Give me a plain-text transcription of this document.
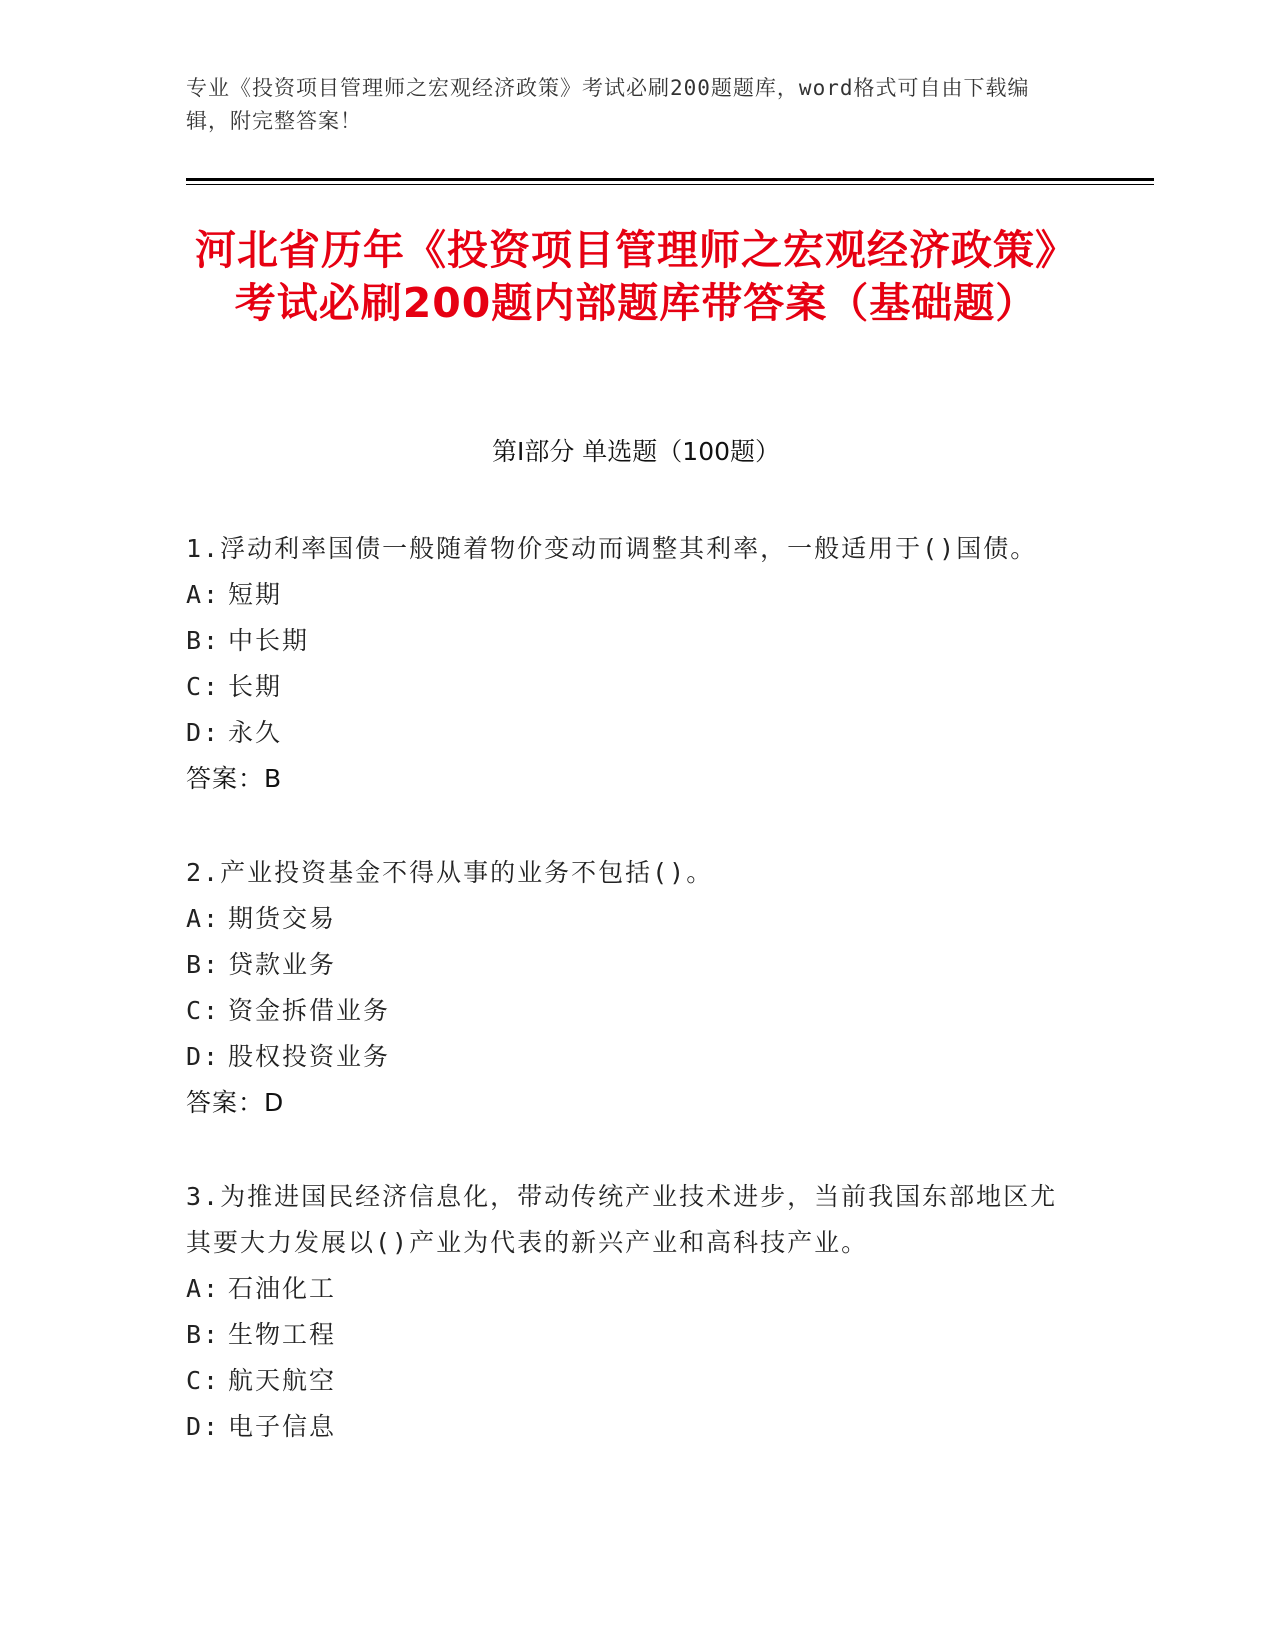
专业《投资项目管理师之宏观经济政策》考试必刷200题题库，word格式可自由下载编辑，附完整答案！
河北省历年《投资项目管理师之宏观经济政策》考试必刷200题内部题库带答案（基础题）
第I部分 单选题（100题）

1.浮动利率国债一般随着物价变动而调整其利率，一般适用于()国债。

A: 短期
B: 中长期
C: 长期
D: 永久
答案：B

2.产业投资基金不得从事的业务不包括()。

A: 期货交易
B: 贷款业务
C: 资金拆借业务
D: 股权投资业务
答案：D

3.为推进国民经济信息化，带动传统产业技术进步，当前我国东部地区尤其要大力发展以()产业为代表的新兴产业和高科技产业。

A: 石油化工
B: 生物工程
C: 航天航空
D: 电子信息
